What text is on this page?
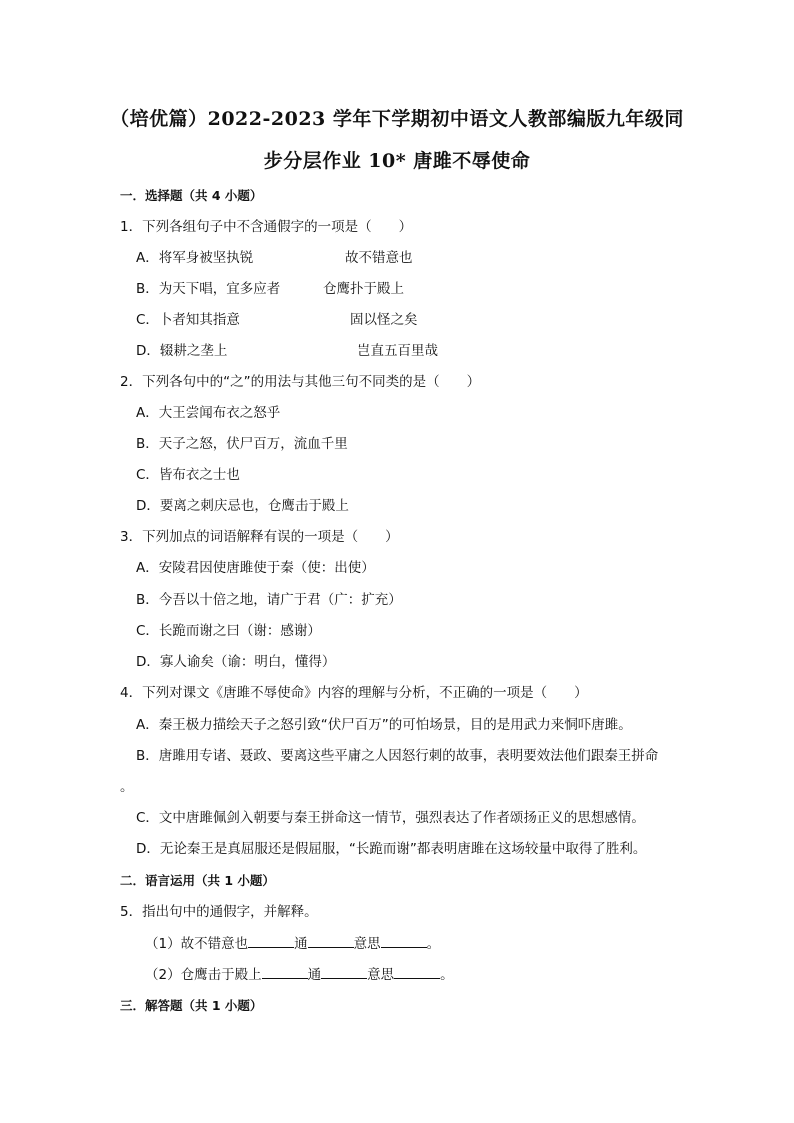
（培优篇）2022-2023 学年下学期初中语文人教部编版九年级同
步分层作业 10* 唐雎不辱使命
一．选择题（共 4 小题）
1．下列各组句子中不含通假字的一项是（　　）
A．将军身被坚执锐	故不错意也
B．为天下唱，宜多应者	仓鹰扑于殿上
C．卜者知其指意	固以怪之矣
D．辍耕之垄上	岂直五百里哉
2．下列各句中的“之”的用法与其他三句不同类的是（　　）
A．大王尝闻布衣之怒乎
B．天子之怒，伏尸百万，流血千里
C．皆布衣之士也
D．要离之刺庆忌也，仓鹰击于殿上
3．下列加点的词语解释有误的一项是（　　）
A．安陵君因使唐雎使于秦（使：出使）
B．今吾以十倍之地，请广于君（广：扩充）
C．长跪而谢之曰（谢：感谢）
D．寡人谕矣（谕：明白，懂得）
4．下列对课文《唐雎不辱使命》内容的理解与分析，不正确的一项是（　　）
A．秦王极力描绘天子之怒引致“伏尸百万”的可怕场景，目的是用武力来恫吓唐雎。
B．唐雎用专诸、聂政、要离这些平庸之人因怒行刺的故事，表明要效法他们跟秦王拼命
。
C．文中唐雎佩剑入朝要与秦王拼命这一情节，强烈表达了作者颂扬正义的思想感情。
D．无论秦王是真屈服还是假屈服，“长跪而谢”都表明唐雎在这场较量中取得了胜利。
二．语言运用（共 1 小题）
5．指出句中的通假字，并解释。
（1）故不错意也	通	意思	。
（2）仓鹰击于殿上	通	意思	。
三．解答题（共 1 小题）
